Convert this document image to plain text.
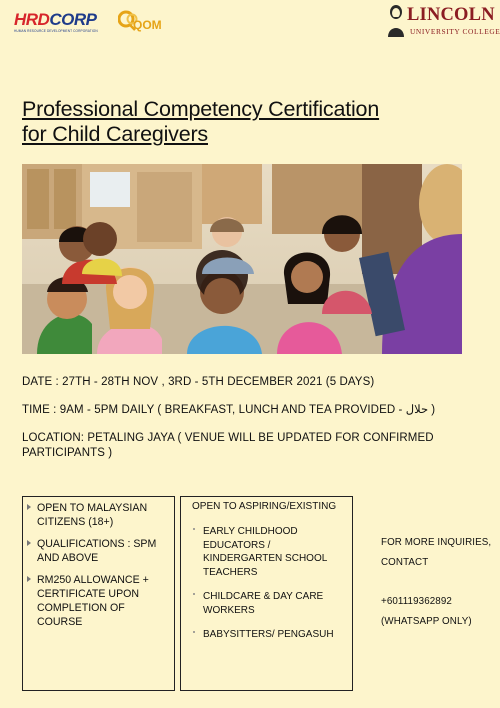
HRDCORP
HUMAN RESOURCE DEVELOPMENT CORPORATION	QOM	LINCOLN
UNIVERSITY COLLEGE
Professional Competency Certification
for Child Caregivers
DATE : 27TH - 28TH NOV , 3RD - 5TH DECEMBER 2021 (5 DAYS)
TIME : 9AM - 5PM DAILY ( BREAKFAST, LUNCH AND TEA PROVIDED - حلال )
LOCATION: PETALING JAYA ( VENUE WILL BE UPDATED FOR CONFIRMED PARTICIPANTS )
OPEN TO MALAYSIAN CITIZENS (18+)
QUALIFICATIONS : SPM AND ABOVE
RM250 ALLOWANCE + CERTIFICATE UPON COMPLETION OF COURSE
OPEN TO ASPIRING/EXISTING
EARLY CHILDHOOD EDUCATORS / KINDERGARTEN SCHOOL TEACHERS
CHILDCARE & DAY CARE WORKERS
BABYSITTERS/ PENGASUH
FOR MORE INQUIRIES,
CONTACT
+601119362892
(WHATSAPP ONLY)
